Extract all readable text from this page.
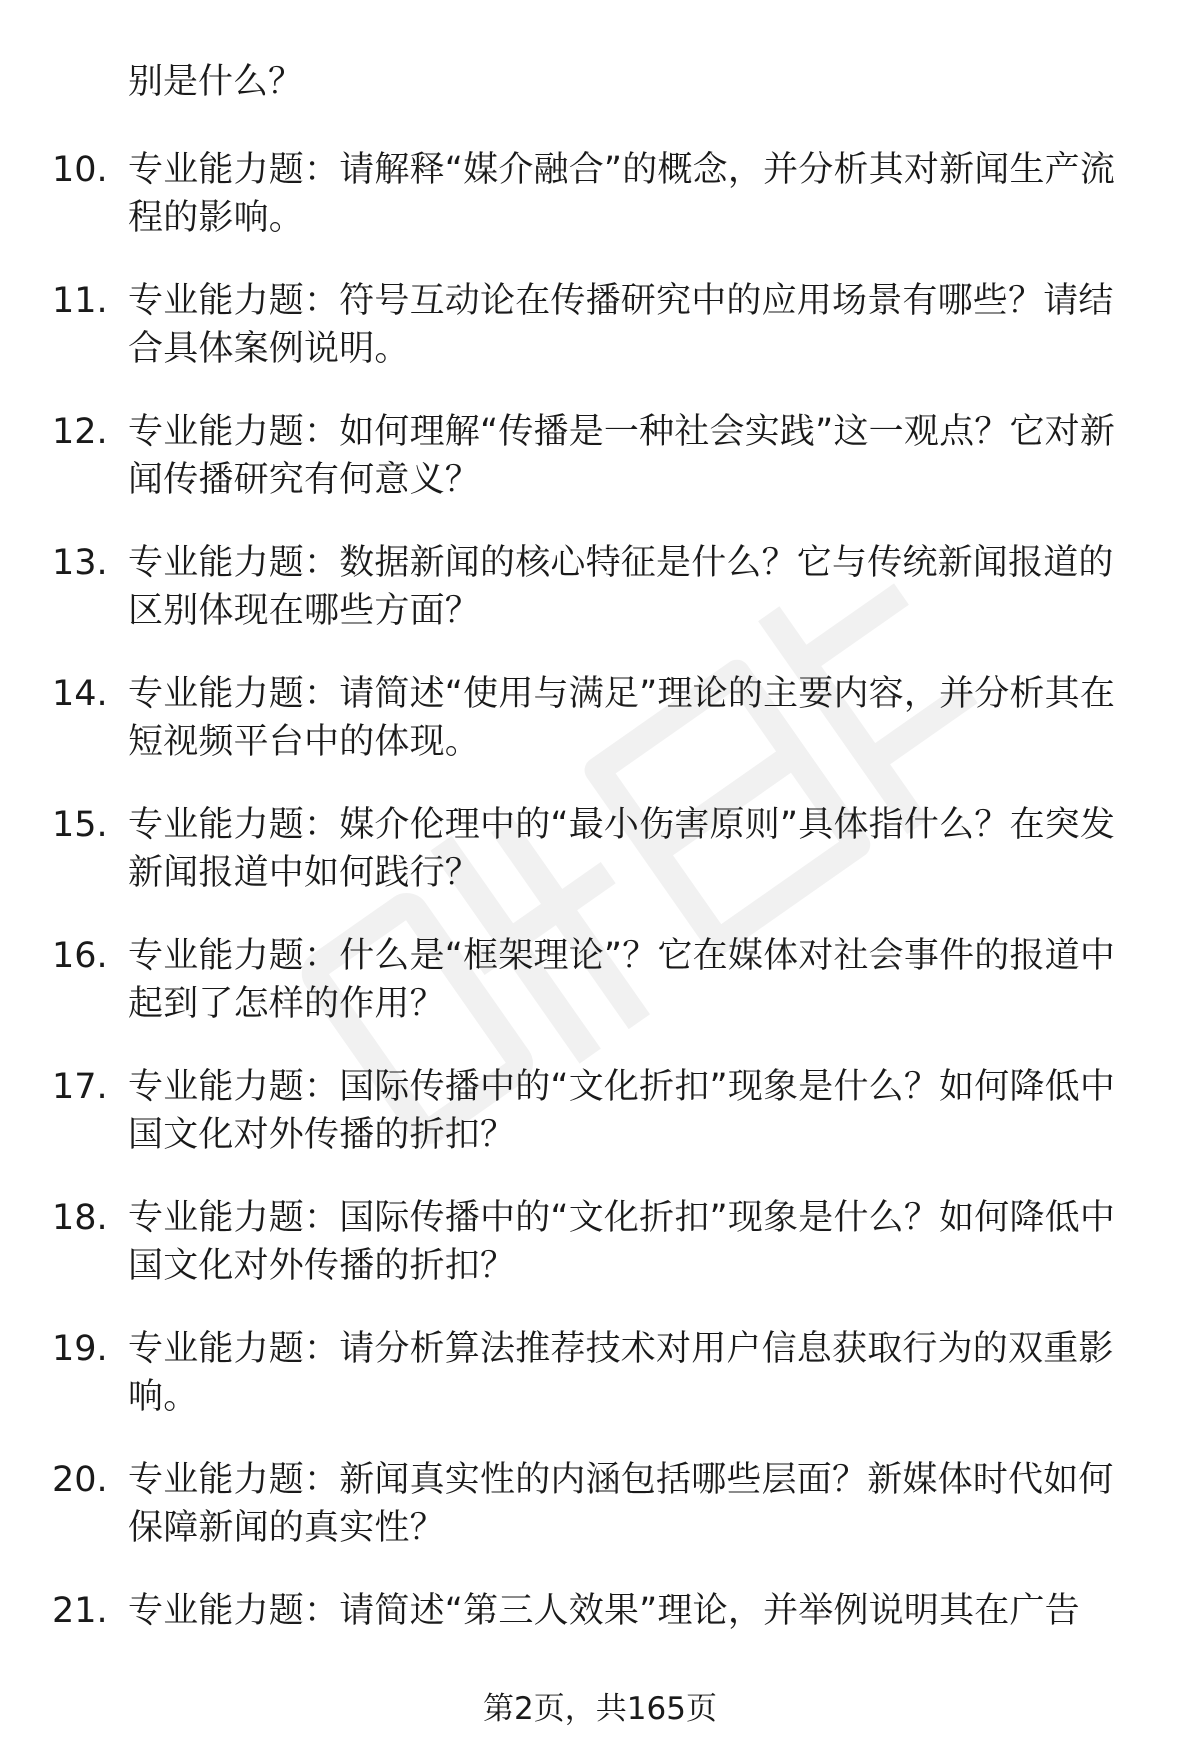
别是什么？
10. 专业能力题：请解释“媒介融合”的概念，并分析其对新闻生产流程的影响。
11. 专业能力题：符号互动论在传播研究中的应用场景有哪些？请结合具体案例说明。
12. 专业能力题：如何理解“传播是一种社会实践”这一观点？它对新闻传播研究有何意义？
13. 专业能力题：数据新闻的核心特征是什么？它与传统新闻报道的区别体现在哪些方面？
14. 专业能力题：请简述“使用与满足”理论的主要内容，并分析其在短视频平台中的体现。
15. 专业能力题：媒介伦理中的“最小伤害原则”具体指什么？在突发新闻报道中如何践行？
16. 专业能力题：什么是“框架理论”？它在媒体对社会事件的报道中起到了怎样的作用？
17. 专业能力题：国际传播中的“文化折扣”现象是什么？如何降低中国文化对外传播的折扣？
18. 专业能力题：国际传播中的“文化折扣”现象是什么？如何降低中国文化对外传播的折扣？
19. 专业能力题：请分析算法推荐技术对用户信息获取行为的双重影响。
20. 专业能力题：新闻真实性的内涵包括哪些层面？新媒体时代如何保障新闻的真实性？
21. 专业能力题：请简述“第三人效果”理论，并举例说明其在广告
第2页，共165页
